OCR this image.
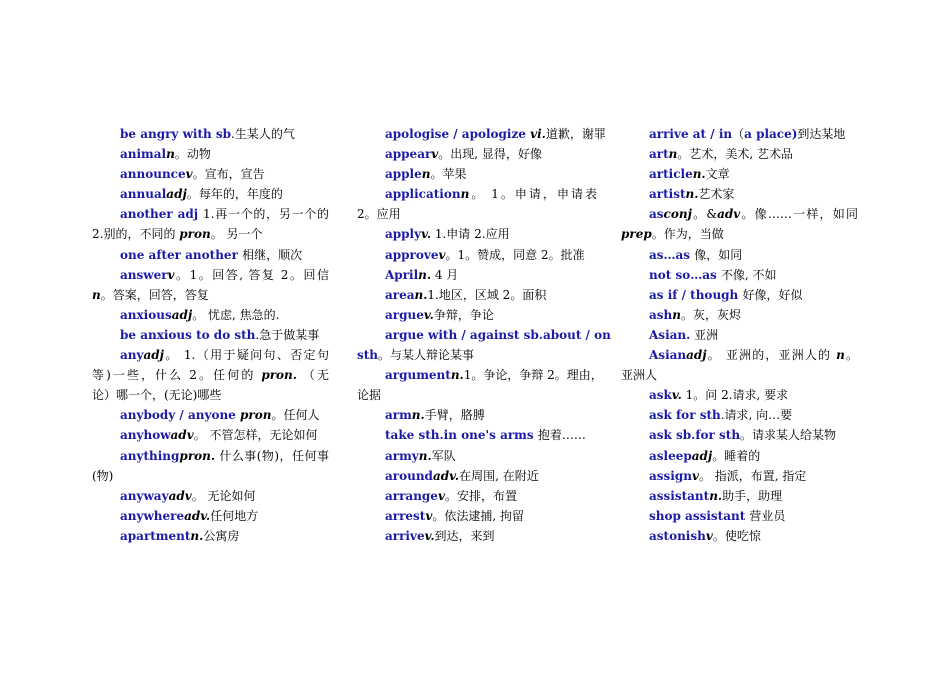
be angry with sb.生某人的气
animaln。动物
announcev。宣布，宣告
annualadj。每年的，年度的
another adj 1.再一个的，另一个的
2.别的，不同的 pron。 另一个
one after another 相继，顺次
answerv。1。回答, 答复 2。回信
n。答案，回答，答复
anxiousadj。 忧虑, 焦急的.
be anxious to do sth.急于做某事
anyadj。 1.（用于疑问句、否定句
等)一些，什么 2。任何的 pron. （无
论）哪一个，(无论)哪些
anybody / anyone pron。任何人
anyhowadv。 不管怎样，无论如何
anythingpron. 什么事(物)，任何事
(物)
anywayadv。 无论如何
anywhereadv.任何地方
apartmentn.公寓房
apologise / apologize vi.道歉，谢罪
appearv。出现, 显得，好像
applen。苹果
applicationn。 1。申请，申请表
2。应用
applyv. 1.申请 2.应用
approvev。1。赞成，同意 2。批准
Apriln. 4 月
arean.1.地区，区域 2。面积
arguev.争辩，争论
argue with / against sb.about / on
sth。与某人辩论某事
argumentn.1。争论，争辩 2。理由，
论据
armn.手臂，胳膊
take sth.in one's arms 抱着……
armyn.军队
aroundadv.在周围, 在附近
arrangev。安排，布置
arrestv。依法逮捕, 拘留
arrivev.到达，来到
arrive at / in（a place)到达某地
artn。艺术，美术, 艺术品
articlen.文章
artistn.艺术家
asconj。&adv。像……一样，如同
prep。作为，当做
as…as 像，如同
not so…as 不像, 不如
as if / though 好像，好似
ashn。灰，灰烬
Asian. 亚洲
Asianadj。 亚洲的，亚洲人的 n。
亚洲人
askv. 1。问 2.请求, 要求
ask for sth.请求, 向…要
ask sb.for sth。请求某人给某物
asleepadj。睡着的
assignv。 指派，布置, 指定
assistantn.助手，助理
shop assistant 营业员
astonishv。使吃惊
